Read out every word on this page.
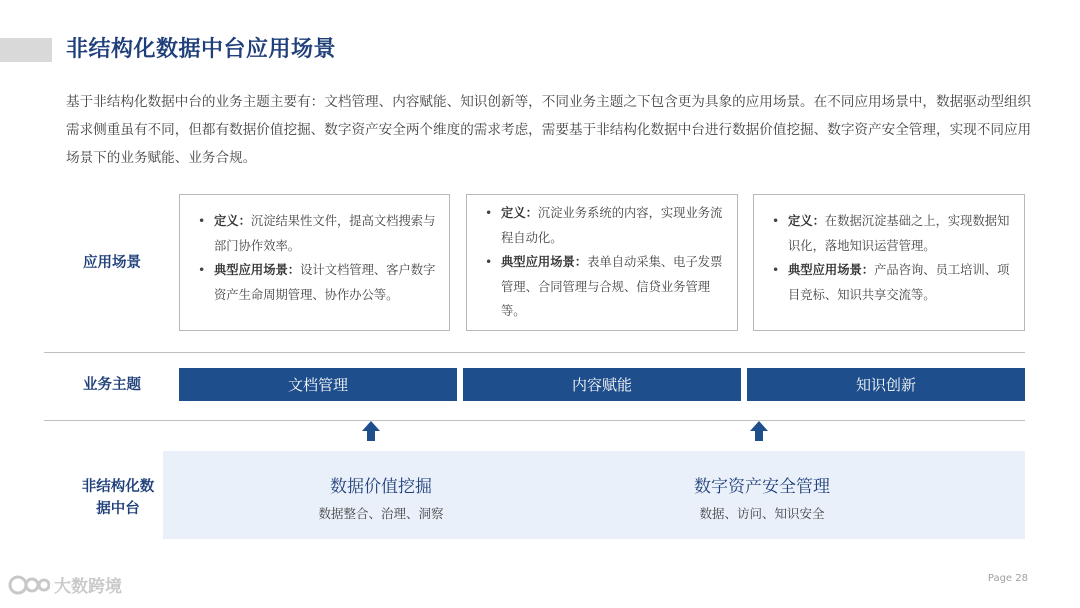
非结构化数据中台应用场景

基于非结构化数据中台的业务主题主要有：文档管理、内容赋能、知识创新等，不同业务主题之下包含更为具象的应用场景。在不同应用场景中，数据驱动型组织需求侧重虽有不同，但都有数据价值挖掘、数字资产安全两个维度的需求考虑，需要基于非结构化数据中台进行数据价值挖掘、数字资产安全管理，实现不同应用场景下的业务赋能、业务合规。

应用场景
• 定义：沉淀结果性文件，提高文档搜索与部门协作效率。
• 典型应用场景：设计文档管理、客户数字资产生命周期管理、协作办公等。
• 定义：沉淀业务系统的内容，实现业务流程自动化。
• 典型应用场景：表单自动采集、电子发票管理、合同管理与合规、信贷业务管理等。
• 定义：在数据沉淀基础之上，实现数据知识化，落地知识运营管理。
• 典型应用场景：产品咨询、员工培训、项目竞标、知识共享交流等。
业务主题	文档管理	内容赋能	知识创新
非结构化数
据中台
数据价值挖掘
数据整合、治理、洞察
数字资产安全管理
数据、访问、知识安全
Page 28
大数跨境
